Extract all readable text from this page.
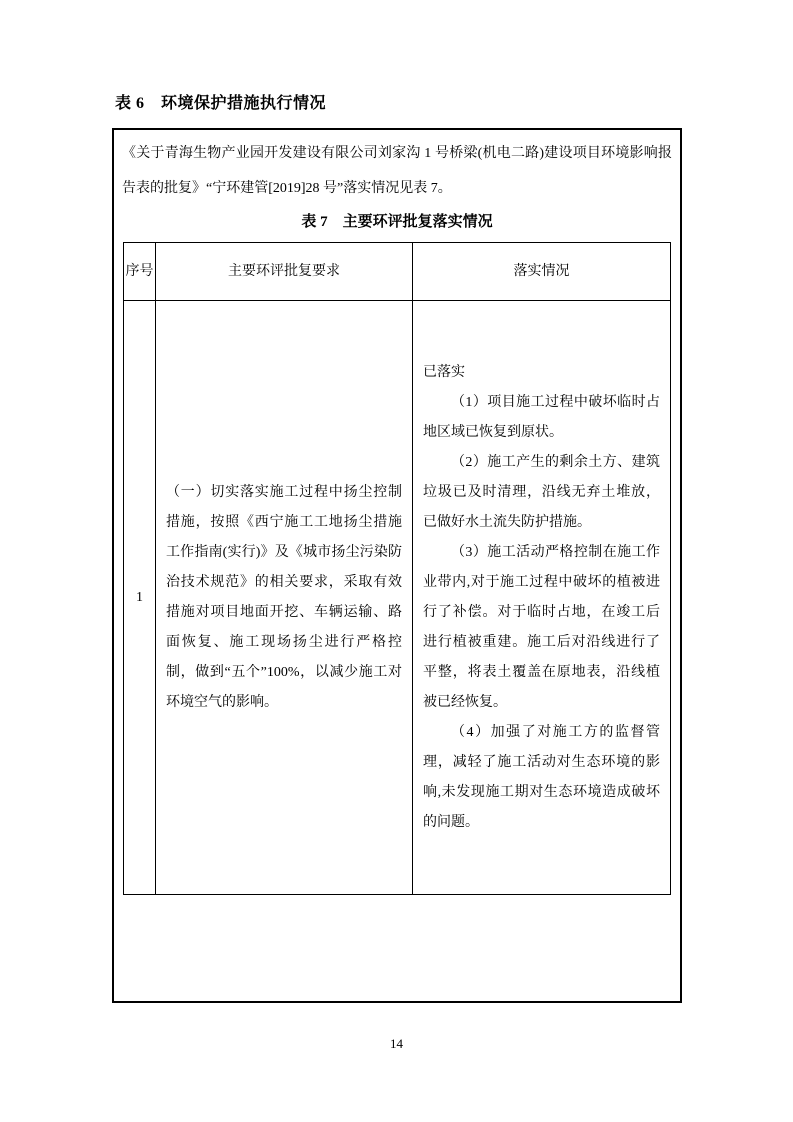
表 6　环境保护措施执行情况

《关于青海生物产业园开发建设有限公司刘家沟 1 号桥梁(机电二路)建设项目环境影响报告表的批复》“宁环建管[2019]28 号”落实情况见表 7。

表 7　主要环评批复落实情况
序号	主要环评批复要求	落实情况
1	（一）切实落实施工过程中扬尘控制措施，按照《西宁施工工地扬尘措施工作指南(实行)》及《城市扬尘污染防治技术规范》的相关要求，采取有效措施对项目地面开挖、车辆运输、路面恢复、施工现场扬尘进行严格控制，做到“五个”100%，以减少施工对环境空气的影响。	已落实

（1）项目施工过程中破坏临时占地区域已恢复到原状。

（2）施工产生的剩余土方、建筑垃圾已及时清理，沿线无弃土堆放，已做好水土流失防护措施。

（3）施工活动严格控制在施工作业带内,对于施工过程中破坏的植被进行了补偿。对于临时占地，在竣工后进行植被重建。施工后对沿线进行了平整，将表土覆盖在原地表，沿线植被已经恢复。

（4）加强了对施工方的监督管理，减轻了施工活动对生态环境的影响,未发现施工期对生态环境造成破坏的问题。

14
